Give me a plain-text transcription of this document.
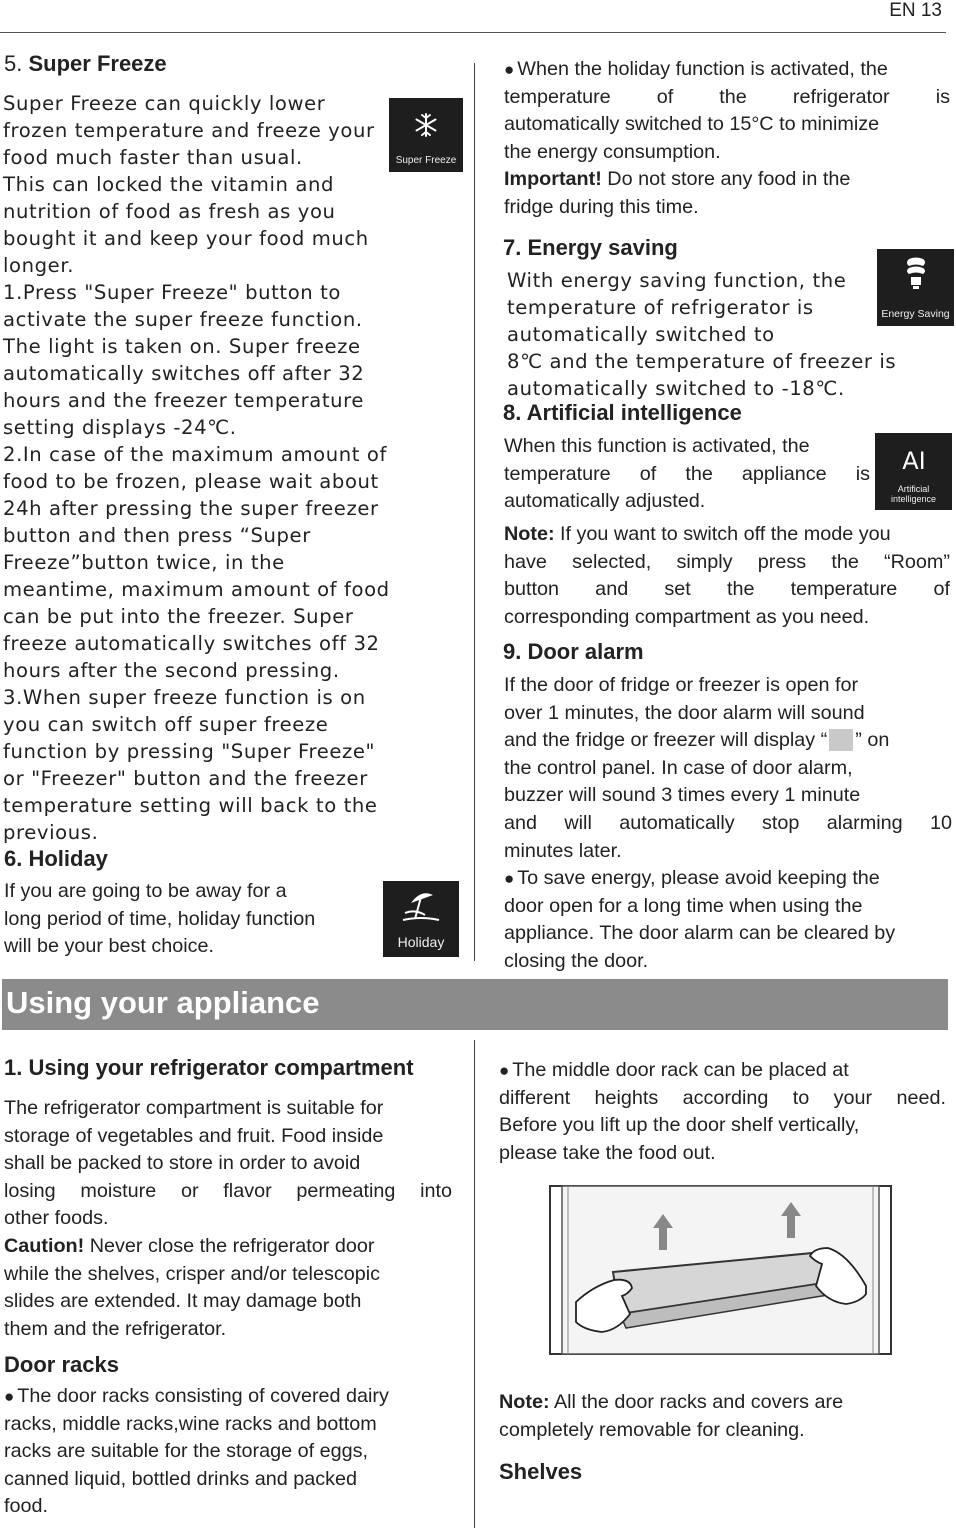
EN 13
5. Super Freeze
Super Freeze
Super Freeze can quickly lower
frozen temperature and freeze your
food much faster than usual.
This can locked the vitamin and
nutrition of food as fresh as you
bought it and keep your food much
longer.
1.Press "Super Freeze" button to
activate the super freeze function.
The light is taken on. Super freeze
automatically switches off after 32
hours and the freezer temperature
setting displays -24℃.
2.In case of the maximum amount of
food to be frozen, please wait about
24h after pressing the super freezer
button and then press “Super
Freeze”button twice, in the
meantime, maximum amount of food
can be put into the freezer. Super
freeze automatically switches off 32
hours after the second pressing.
3.When super freeze function is on
you can switch off super freeze
function by pressing "Super Freeze"
or "Freezer" button and the freezer
temperature setting will back to the
previous.
6. Holiday
If you are going to be away for a
long period of time, holiday function
will be your best choice.	Holiday
● When the holiday function is activated, the
temperature of the refrigerator is
automatically switched to 15°C to minimize
the energy consumption.
Important! Do not store any food in the
fridge during this time.
7. Energy saving
With energy saving function, the
temperature of refrigerator is
automatically switched to
8℃ and the temperature of freezer is
automatically switched to -18℃.
Energy Saving
8. Artificial intelligence
When this function is activated, the
temperature of the appliance is
automatically adjusted.
AI
Artificial intelligence
Note: If you want to switch off the mode you
have selected, simply press the “Room”
button and set the temperature of
corresponding compartment as you need.
9. Door alarm
If the door of fridge or freezer is open for
over 1 minutes, the door alarm will sound
and the fridge or freezer will display “ ” on
the control panel. In case of door alarm,
buzzer will sound 3 times every 1 minute
and will automatically stop alarming 10
minutes later.
● To save energy, please avoid keeping the
door open for a long time when using the
appliance. The door alarm can be cleared by
closing the door.
Using your appliance
1. Using your refrigerator compartment
The refrigerator compartment is suitable for
storage of vegetables and fruit. Food inside
shall be packed to store in order to avoid
losing moisture or flavor permeating into
other foods.
Caution! Never close the refrigerator door
while the shelves, crisper and/or telescopic
slides are extended. It may damage both
them and the refrigerator.
Door racks
● The door racks consisting of covered dairy
racks, middle racks,wine racks and bottom
racks are suitable for the storage of eggs,
canned liquid, bottled drinks and packed
food.
● The middle door rack can be placed at
different heights according to your need.
Before you lift up the door shelf vertically,
please take the food out.
Note: All the door racks and covers are
completely removable for cleaning.
Shelves
